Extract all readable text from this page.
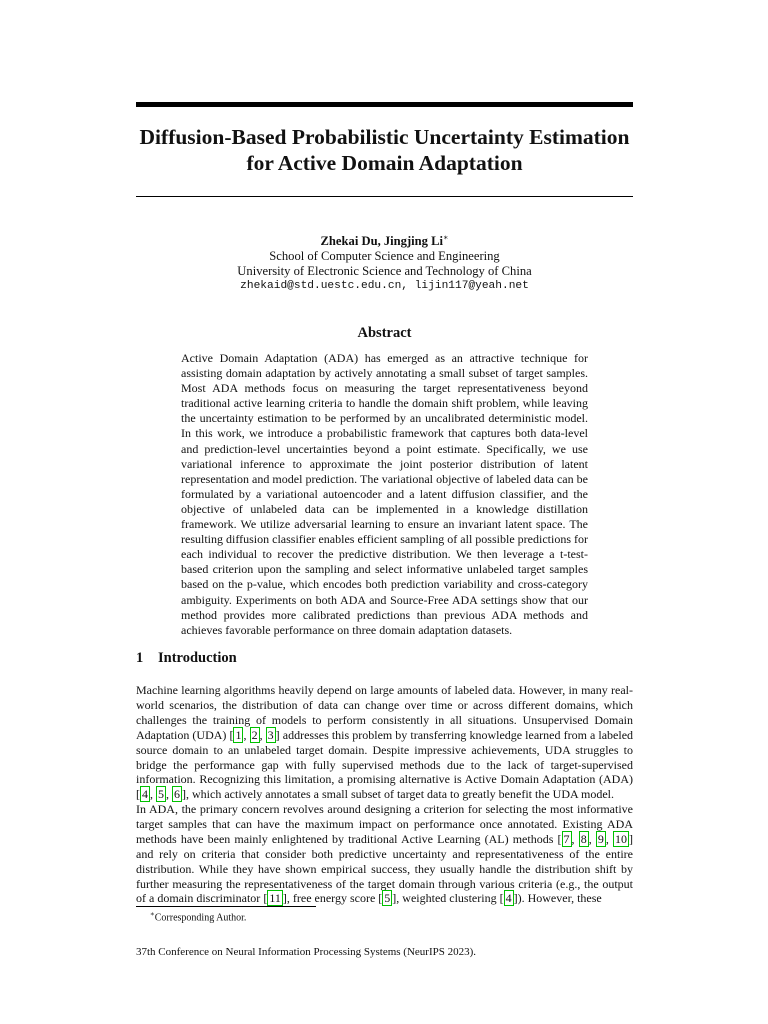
Diffusion-Based Probabilistic Uncertainty Estimation
for Active Domain Adaptation
Zhekai Du, Jingjing Li∗
School of Computer Science and Engineering
University of Electronic Science and Technology of China
zhekaid@std.uestc.edu.cn, lijin117@yeah.net
Abstract

Active Domain Adaptation (ADA) has emerged as an attractive technique for assisting domain adaptation by actively annotating a small subset of target samples. Most ADA methods focus on measuring the target representativeness beyond traditional active learning criteria to handle the domain shift problem, while leaving the uncertainty estimation to be performed by an uncalibrated deterministic model. In this work, we introduce a probabilistic framework that captures both data-level and prediction-level uncertainties beyond a point estimate. Specifically, we use variational inference to approximate the joint posterior distribution of latent representation and model prediction. The variational objective of labeled data can be formulated by a variational autoencoder and a latent diffusion classifier, and the objective of unlabeled data can be implemented in a knowledge distillation framework. We utilize adversarial learning to ensure an invariant latent space. The resulting diffusion classifier enables efficient sampling of all possible predictions for each individual to recover the predictive distribution. We then leverage a t-test-based criterion upon the sampling and select informative unlabeled target samples based on the p-value, which encodes both prediction variability and cross-category ambiguity. Experiments on both ADA and Source-Free ADA settings show that our method provides more calibrated predictions than previous ADA methods and achieves favorable performance on three domain adaptation datasets.

1 Introduction

Machine learning algorithms heavily depend on large amounts of labeled data. However, in many real-world scenarios, the distribution of data can change over time or across different domains, which challenges the training of models to perform consistently in all situations. Unsupervised Domain Adaptation (UDA) [ 1 , 2 , 3 ] addresses this problem by transferring knowledge learned from a labeled source domain to an unlabeled target domain. Despite impressive achievements, UDA struggles to bridge the performance gap with fully supervised methods due to the lack of target-supervised information. Recognizing this limitation, a promising alternative is Active Domain Adaptation (ADA) [ 4 , 5 , 6 ], which actively annotates a small subset of target data to greatly benefit the UDA model.

In ADA, the primary concern revolves around designing a criterion for selecting the most informative target samples that can have the maximum impact on performance once annotated. Existing ADA methods have been mainly enlightened by traditional Active Learning (AL) methods [ 7 , 8 , 9 , 10 ] and rely on criteria that consider both predictive uncertainty and representativeness of the entire distribution. While they have shown empirical success, they usually handle the distribution shift by further measuring the representativeness of the target domain through various criteria (e.g., the output of a domain discriminator [ 11 ], free energy score [ 5 ], weighted clustering [ 4 ]). However, these

∗Corresponding Author.
37th Conference on Neural Information Processing Systems (NeurIPS 2023).
